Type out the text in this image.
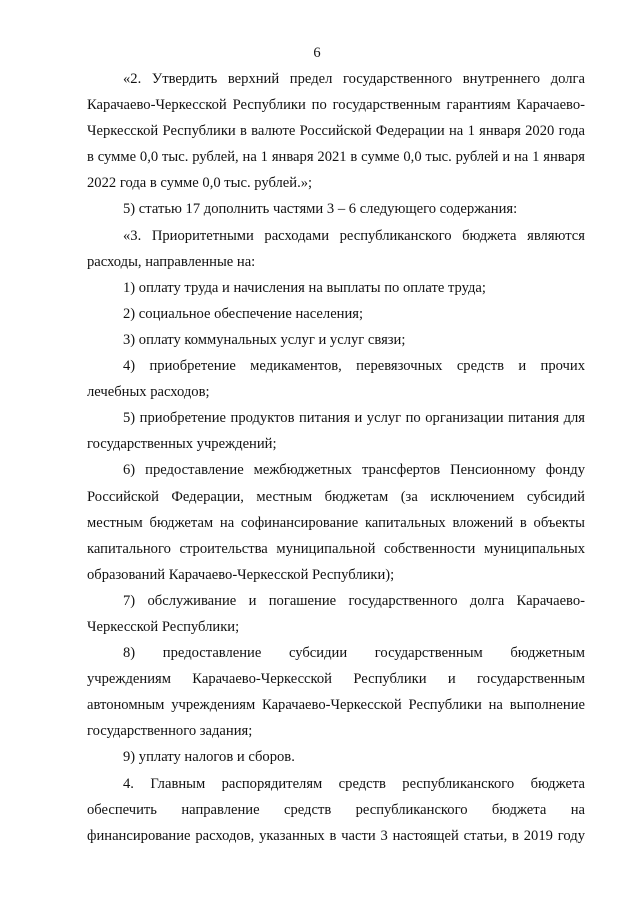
6
«2. Утвердить верхний предел государственного внутреннего долга
Карачаево-Черкесской Республики по государственным гарантиям Карачаево-
Черкесской Республики в валюте Российской Федерации на 1 января 2020 года
в сумме 0,0 тыс. рублей, на 1 января 2021 в сумме 0,0 тыс. рублей и на 1 января
2022 года в сумме 0,0 тыс. рублей.»;
5) статью 17 дополнить частями 3 – 6 следующего содержания:
«3. Приоритетными расходами республиканского бюджета являются
расходы, направленные на:
1) оплату труда и начисления на выплаты по оплате труда;
2) социальное обеспечение населения;
3) оплату коммунальных услуг и услуг связи;
4) приобретение медикаментов, перевязочных средств и прочих
лечебных расходов;
5) приобретение продуктов питания и услуг по организации питания для
государственных учреждений;
6) предоставление межбюджетных трансфертов Пенсионному фонду
Российской Федерации, местным бюджетам (за исключением субсидий
местным бюджетам на софинансирование капитальных вложений в объекты
капитального строительства муниципальной собственности муниципальных
образований Карачаево-Черкесской Республики);
7) обслуживание и погашение государственного долга Карачаево-
Черкесской Республики;
8) предоставление субсидии государственным бюджетным
учреждениям Карачаево-Черкесской Республики и государственным
автономным учреждениям Карачаево-Черкесской Республики на выполнение
государственного задания;
9) уплату налогов и сборов.
4. Главным распорядителям средств республиканского бюджета
обеспечить направление средств республиканского бюджета на
финансирование расходов, указанных в части 3 настоящей статьи, в 2019 году
